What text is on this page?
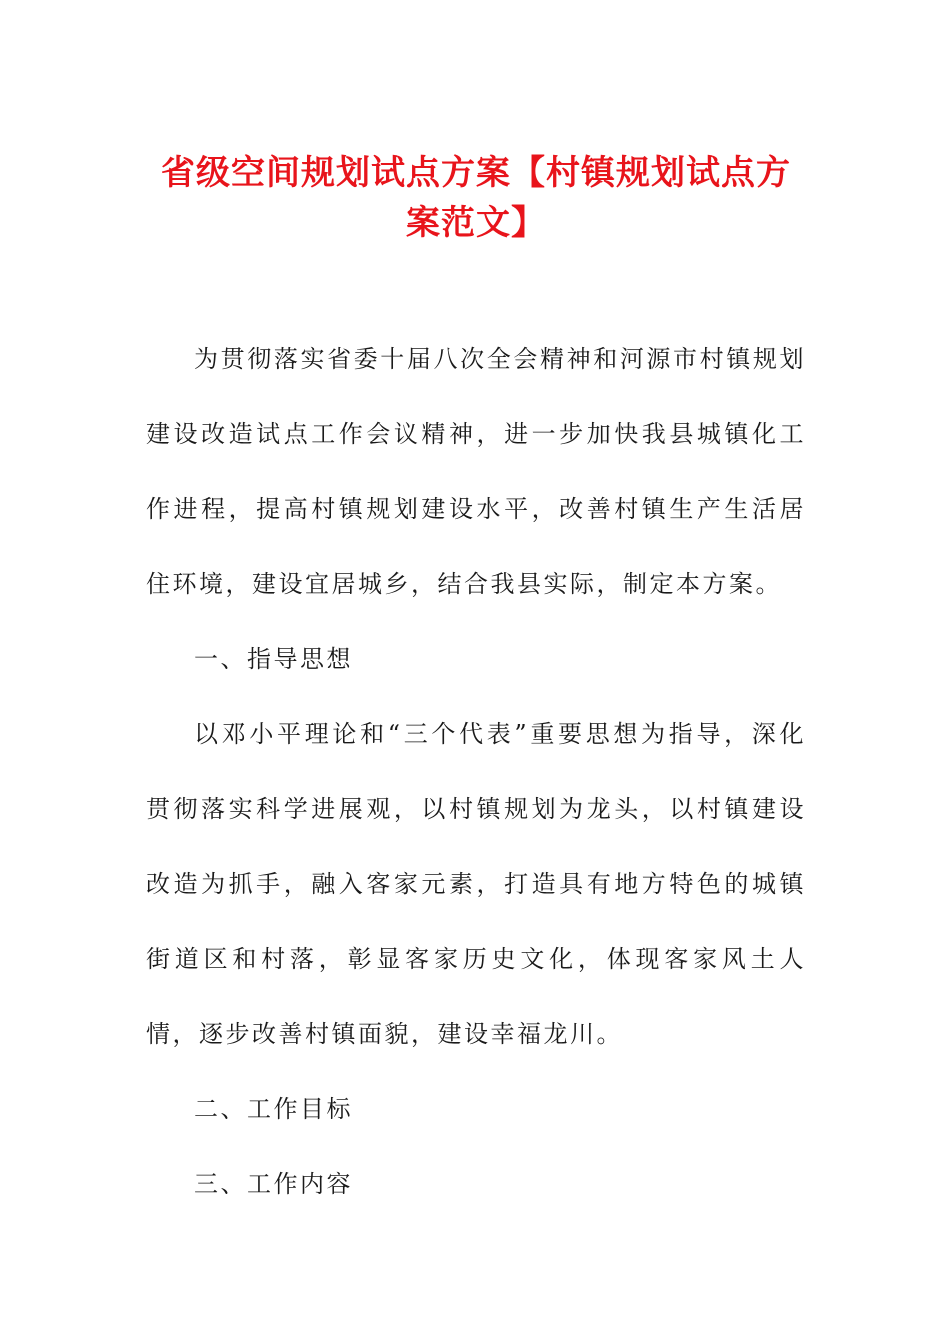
省级空间规划试点方案【村镇规划试点方案范文】

为贯彻落实省委十届八次全会精神和河源市村镇规划建设改造试点工作会议精神，进一步加快我县城镇化工作进程，提高村镇规划建设水平，改善村镇生产生活居住环境，建设宜居城乡，结合我县实际，制定本方案。

一、指导思想

以邓小平理论和“三个代表”重要思想为指导，深化贯彻落实科学进展观，以村镇规划为龙头，以村镇建设改造为抓手，融入客家元素，打造具有地方特色的城镇街道区和村落，彰显客家历史文化，体现客家风土人情，逐步改善村镇面貌，建设幸福龙川。

二、工作目标

三、工作内容
